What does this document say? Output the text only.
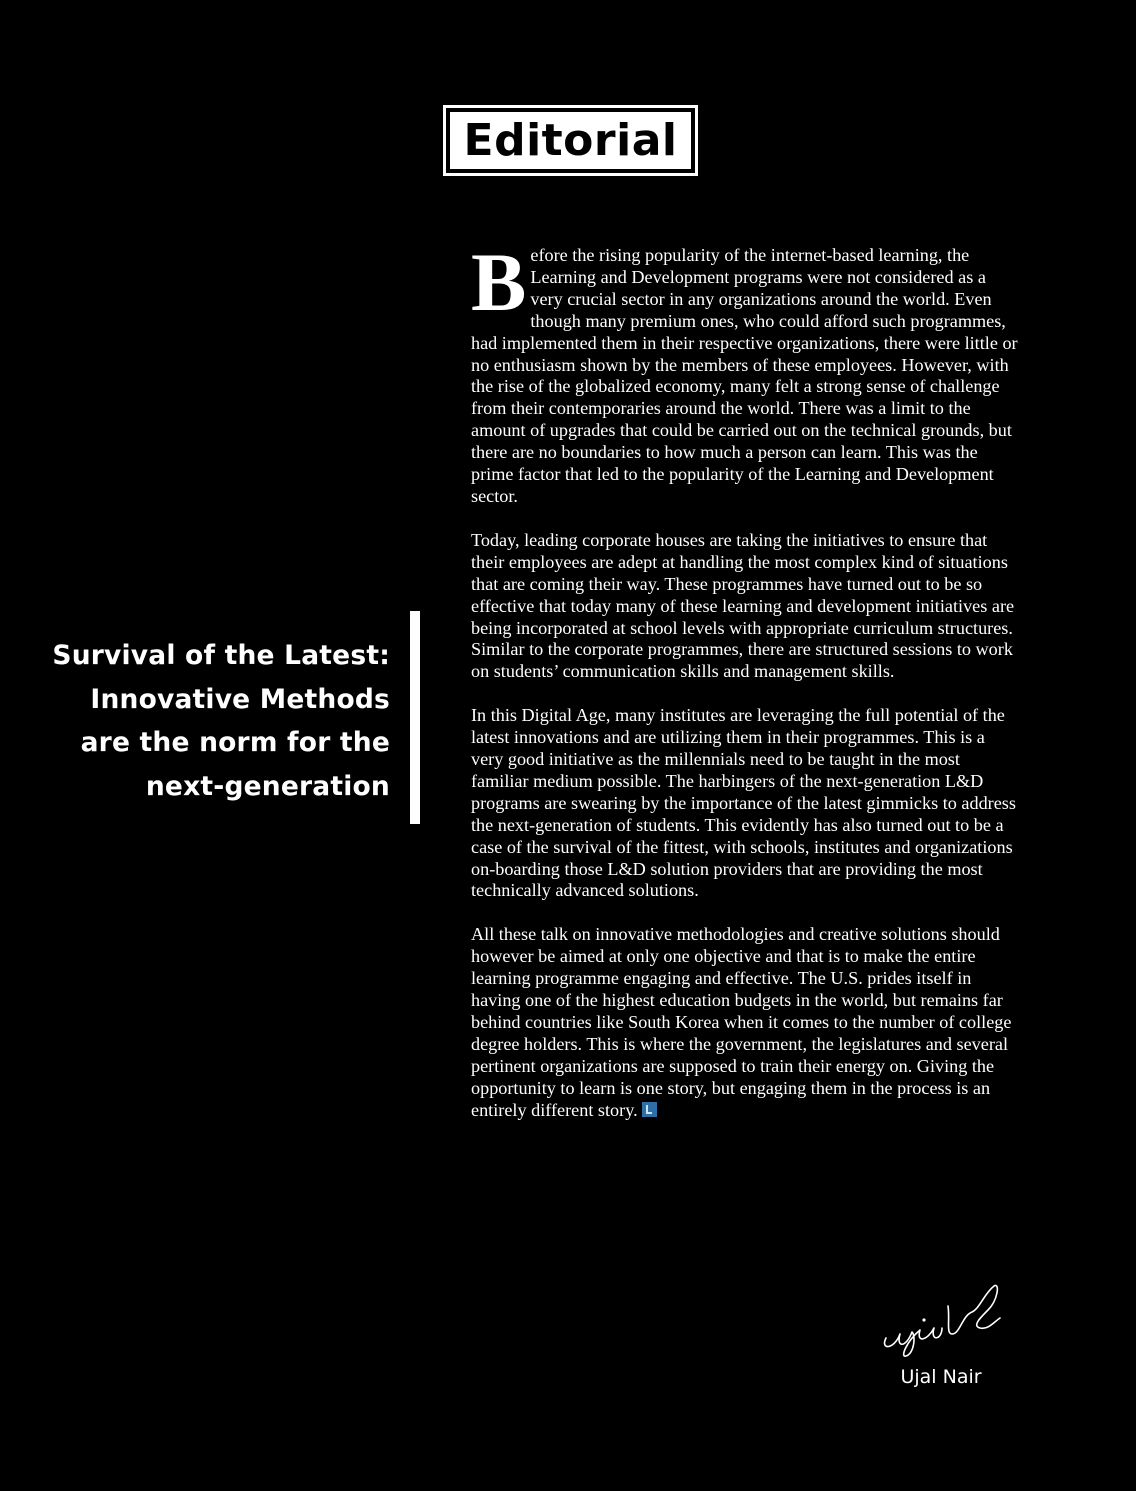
Editorial
Survival of the Latest:
Innovative Methods
are the norm for the
next-generation

Before the rising popularity of the internet-based learning, the Learning and Development programs were not considered as a very crucial sector in any organizations around the world. Even though many premium ones, who could afford such programmes, had implemented them in their respective organizations, there were little or no enthusiasm shown by the members of these employees. However, with the rise of the globalized economy, many felt a strong sense of challenge from their contemporaries around the world. There was a limit to the amount of upgrades that could be carried out on the technical grounds, but there are no boundaries to how much a person can learn. This was the prime factor that led to the popularity of the Learning and Development sector.

Today, leading corporate houses are taking the initiatives to ensure that their employees are adept at handling the most complex kind of situations that are coming their way. These programmes have turned out to be so effective that today many of these learning and development initiatives are being incorporated at school levels with appropriate curriculum structures. Similar to the corporate programmes, there are structured sessions to work on students’ communication skills and management skills.

In this Digital Age, many institutes are leveraging the full potential of the latest innovations and are utilizing them in their programmes. This is a very good initiative as the millennials need to be taught in the most familiar medium possible. The harbingers of the next-generation L&D programs are swearing by the importance of the latest gimmicks to address the next-generation of students. This evidently has also turned out to be a case of the survival of the fittest, with schools, institutes and organizations on-boarding those L&D solution providers that are providing the most technically advanced solutions.

All these talk on innovative methodologies and creative solutions should however be aimed at only one objective and that is to make the entire learning programme engaging and effective. The U.S. prides itself in having one of the highest education budgets in the world, but remains far behind countries like South Korea when it comes to the number of college degree holders. This is where the government, the legislatures and several pertinent organizations are supposed to train their energy on. Giving the opportunity to learn is one story, but engaging them in the process is an entirely different story.

Ujal Nair
